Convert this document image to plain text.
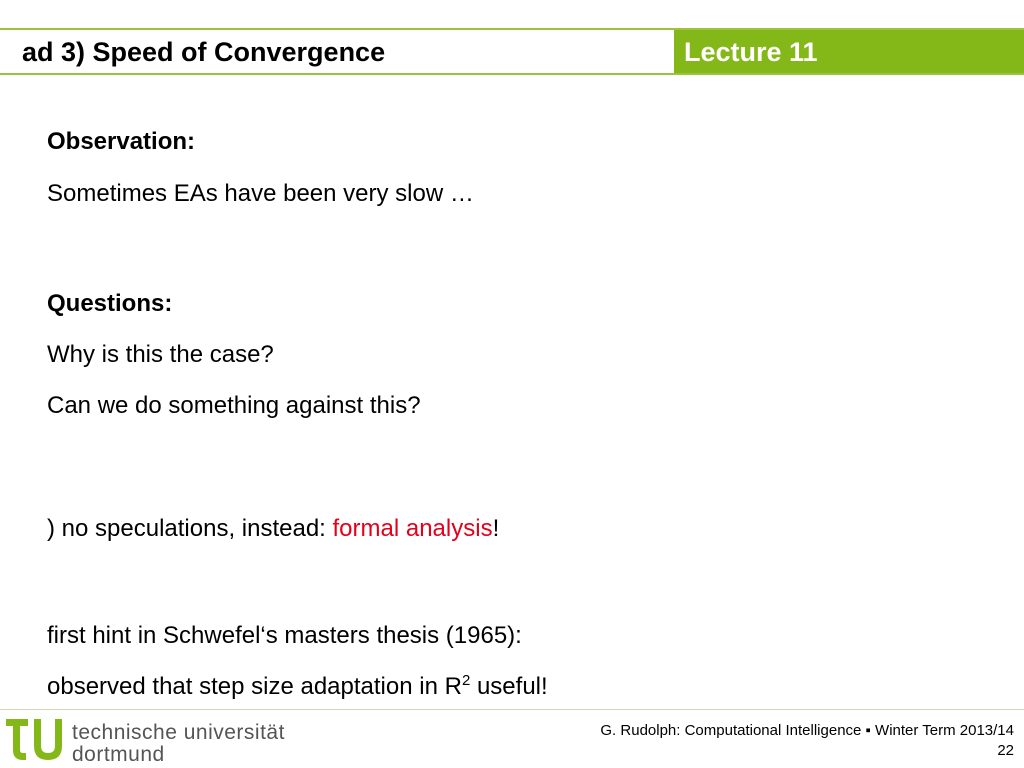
ad 3) Speed of Convergence	Lecture 11
Observation:
Sometimes EAs have been very slow …
Questions:
Why is this the case?
Can we do something against this?
) no speculations, instead: formal analysis!
first hint in Schwefel‘s masters thesis (1965):
observed that step size adaptation in $R^2$ useful!
technische universität
dortmund
G. Rudolph: Computational Intelligence ▪ Winter Term 2013/14
22
